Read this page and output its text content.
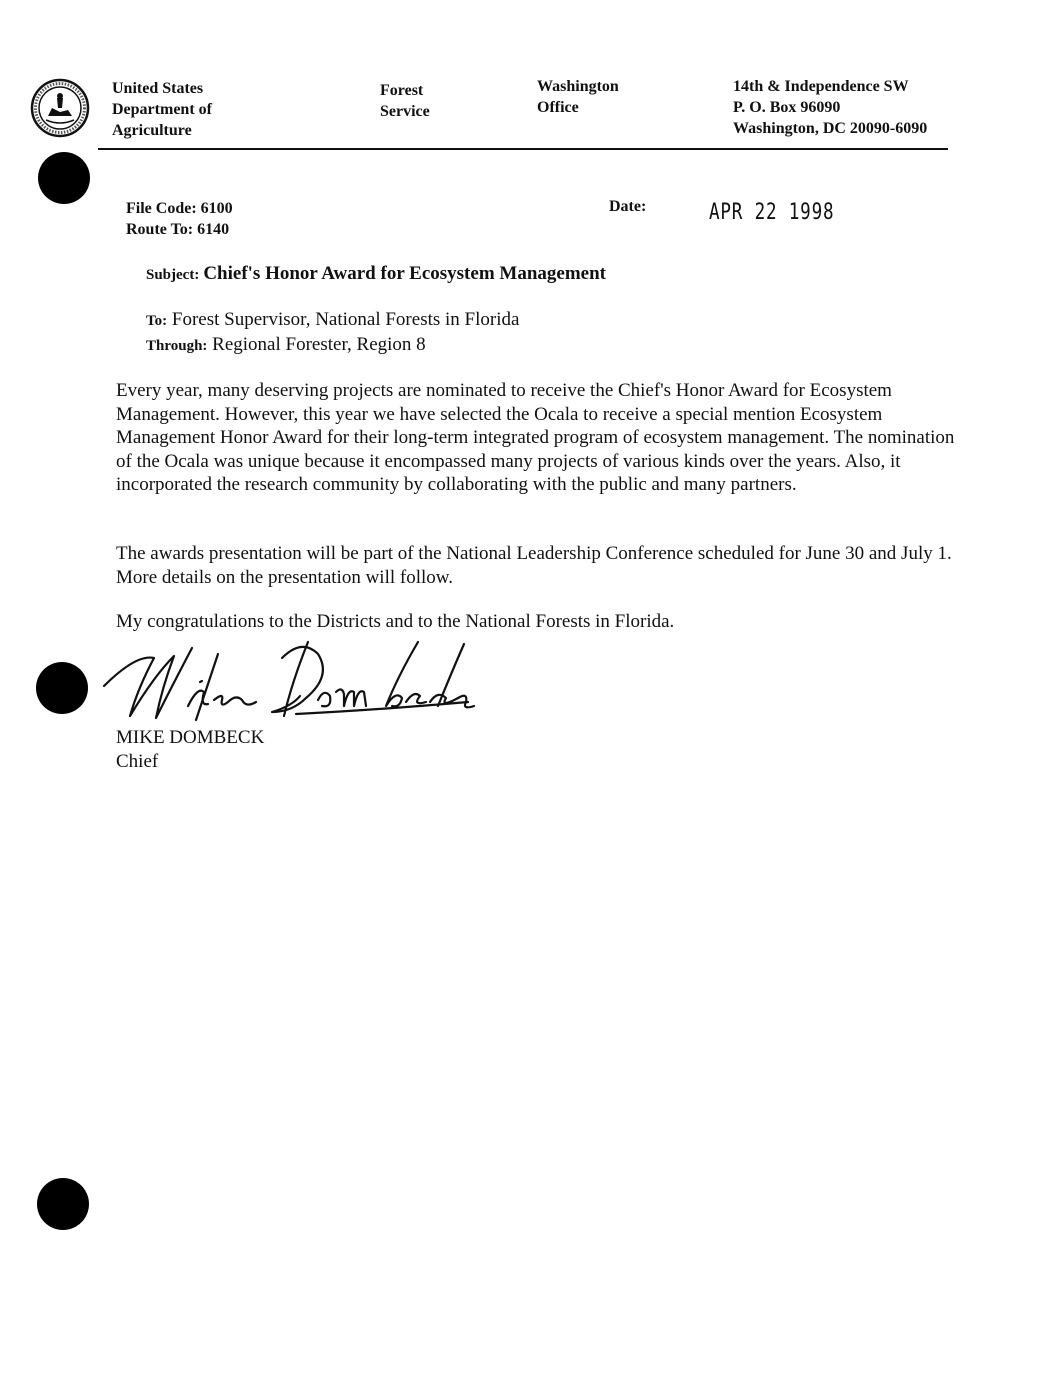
United States
Department of
Agriculture
Forest
Service
Washington
Office
14th & Independence SW
P. O. Box 96090
Washington, DC 20090-6090
File Code: 6100
Route To: 6140
Date:	APR 22 1998
Subject: Chief's Honor Award for Ecosystem Management
To: Forest Supervisor, National Forests in Florida
Through: Regional Forester, Region 8
Every year, many deserving projects are nominated to receive the Chief's Honor Award for Ecosystem Management. However, this year we have selected the Ocala to receive a special mention Ecosystem Management Honor Award for their long-term integrated program of ecosystem management. The nomination of the Ocala was unique because it encompassed many projects of various kinds over the years. Also, it incorporated the research community by collaborating with the public and many partners.
The awards presentation will be part of the National Leadership Conference scheduled for June 30 and July 1. More details on the presentation will follow.
My congratulations to the Districts and to the National Forests in Florida.
MIKE DOMBECK
Chief
